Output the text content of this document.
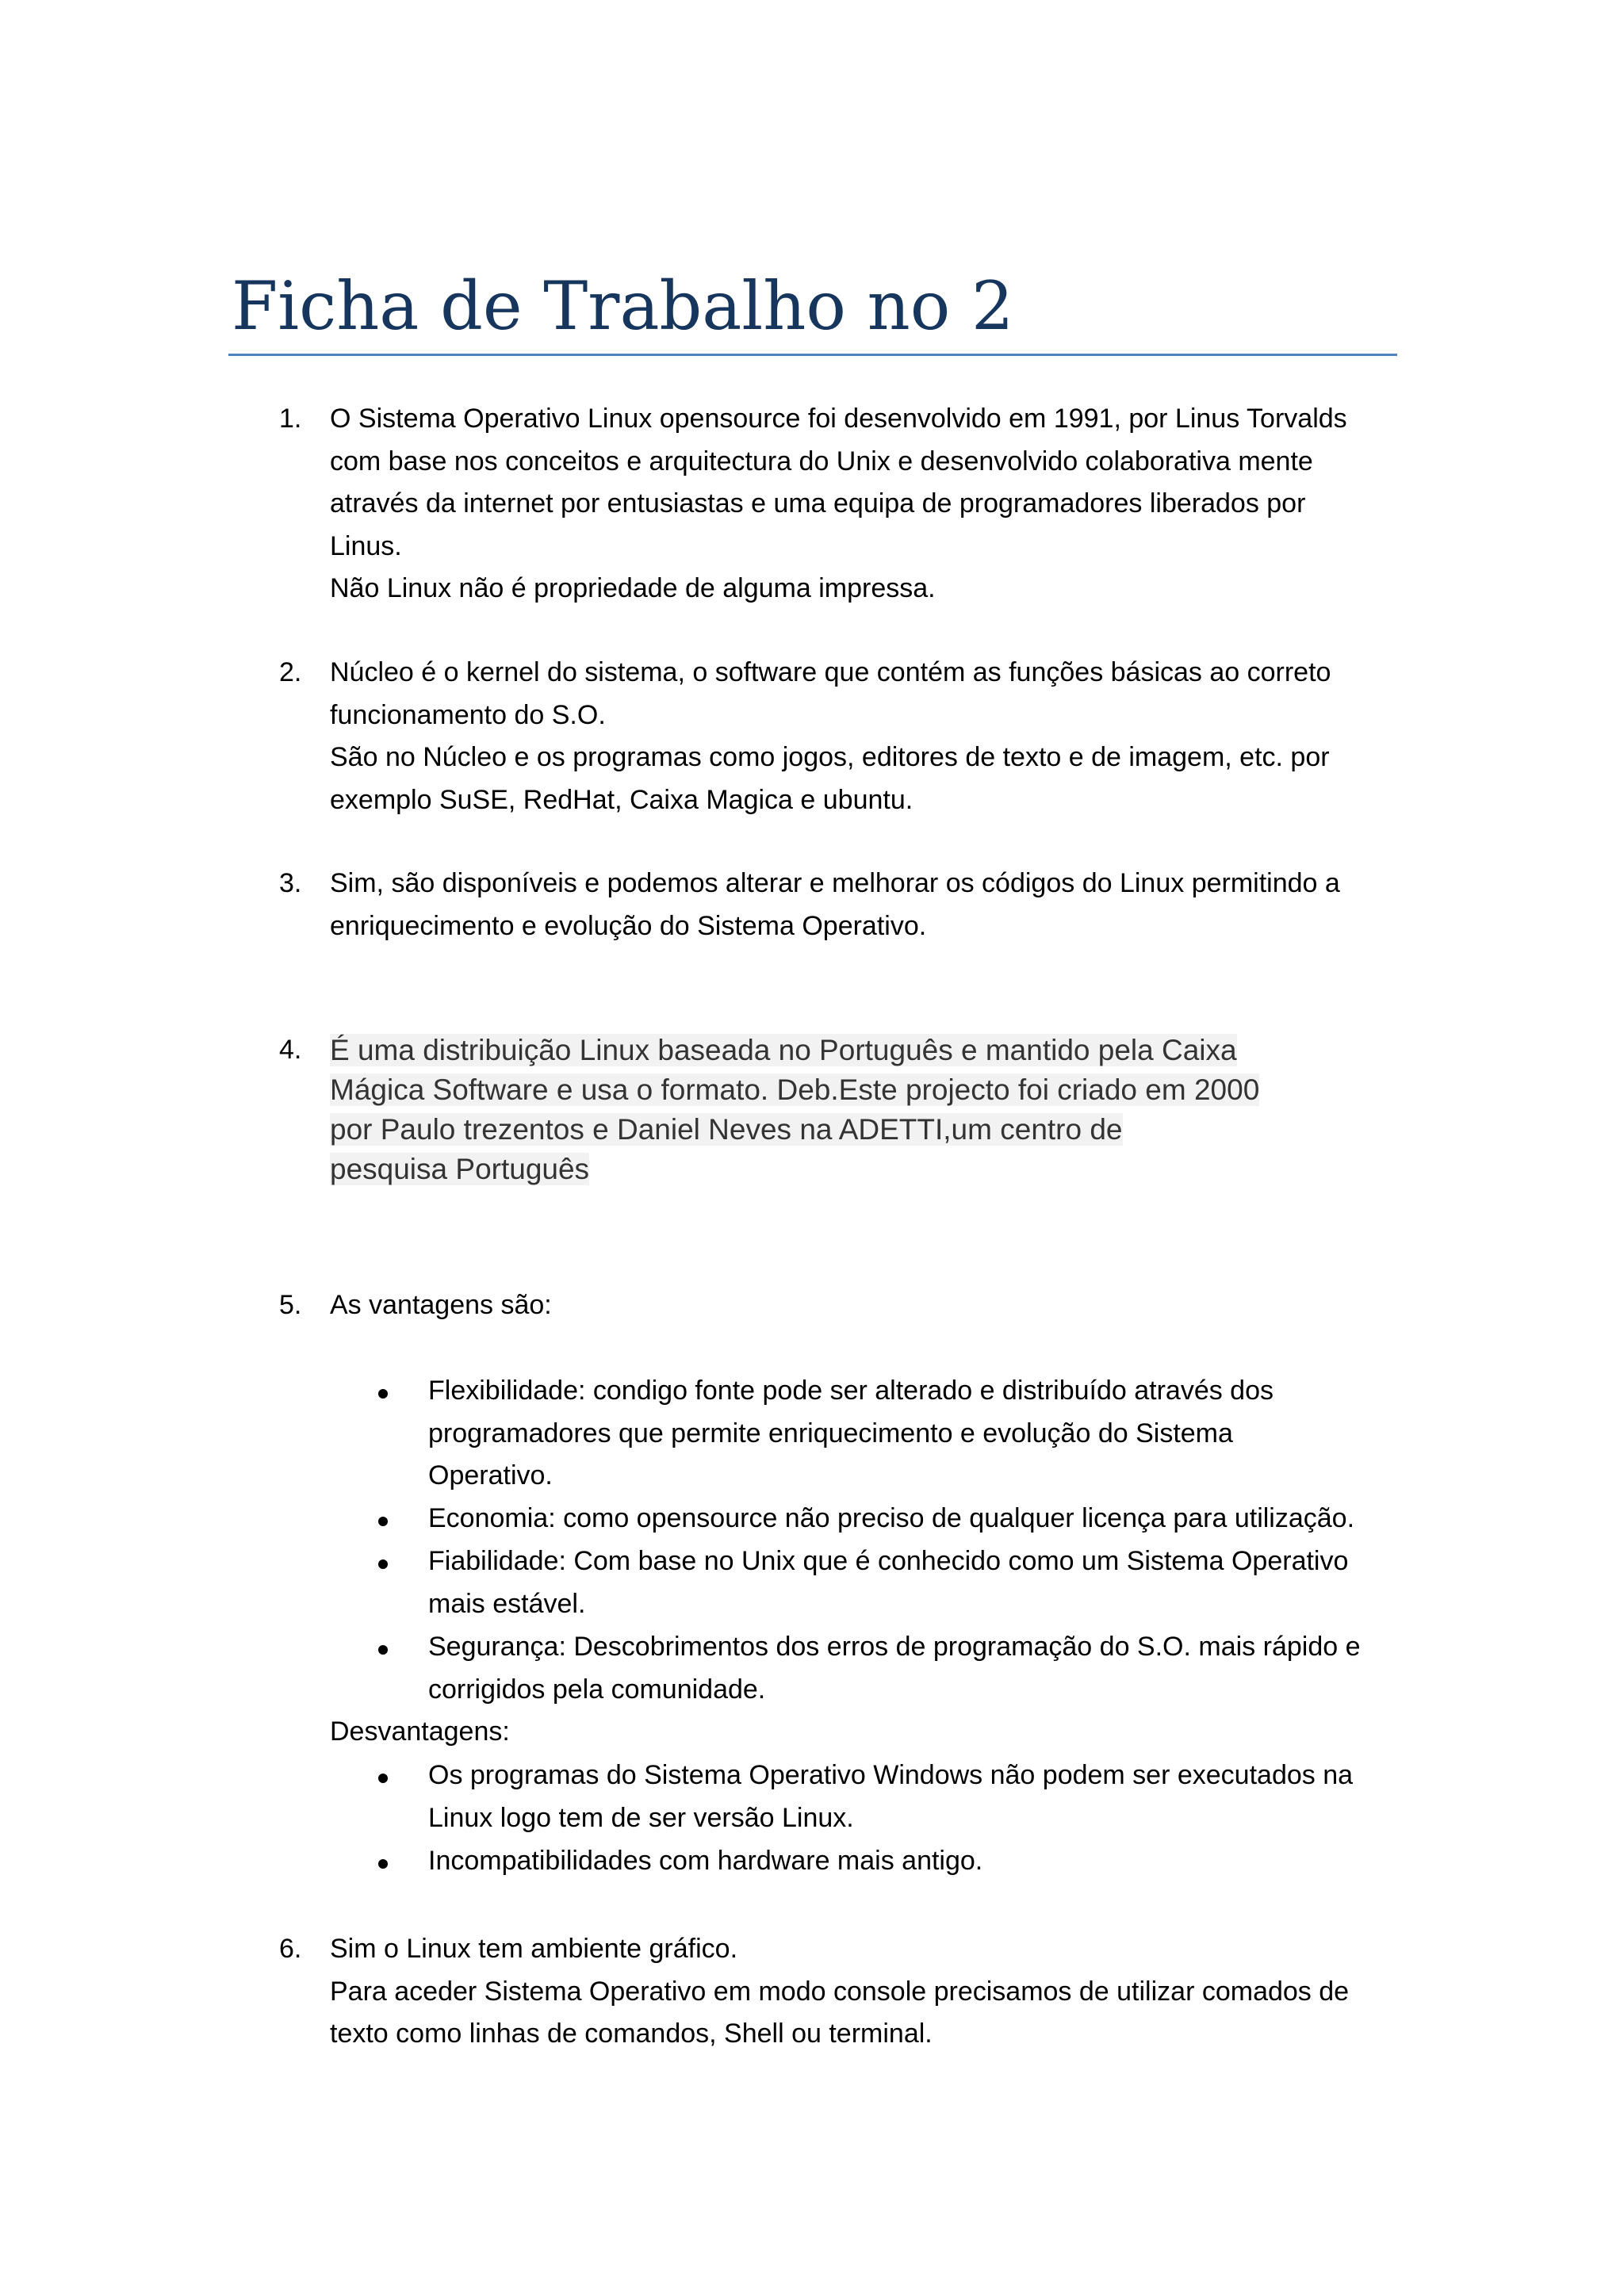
Ficha de Trabalho no 2
1. O Sistema Operativo Linux opensource foi desenvolvido em 1991, por Linus Torvalds
com base nos conceitos e arquitectura do Unix e desenvolvido colaborativa mente
através da internet por entusiastas e uma equipa de programadores liberados por
Linus.
Não Linux não é propriedade de alguma impressa.
2. Núcleo é o kernel do sistema, o software que contém as funções básicas ao correto
funcionamento do S.O.
São no Núcleo e os programas como jogos, editores de texto e de imagem, etc. por
exemplo SuSE, RedHat, Caixa Magica e ubuntu.
3. Sim, são disponíveis e podemos alterar e melhorar os códigos do Linux permitindo a
enriquecimento e evolução do Sistema Operativo.
4. É uma distribuição Linux baseada no Português e mantido pela Caixa
Mágica Software e usa o formato. Deb.Este projecto foi criado em 2000
por Paulo trezentos e Daniel Neves na ADETTI,um centro de
pesquisa Português
5. As vantagens são:
Flexibilidade: condigo fonte pode ser alterado e distribuído através dos
programadores que permite enriquecimento e evolução do Sistema
Operativo.
Economia: como opensource não preciso de qualquer licença para utilização.
Fiabilidade: Com base no Unix que é conhecido como um Sistema Operativo
mais estável.
Segurança: Descobrimentos dos erros de programação do S.O. mais rápido e
corrigidos pela comunidade.
Desvantagens:
Os programas do Sistema Operativo Windows não podem ser executados na
Linux logo tem de ser versão Linux.
Incompatibilidades com hardware mais antigo.
6. Sim o Linux tem ambiente gráfico.
Para aceder Sistema Operativo em modo console precisamos de utilizar comados de
texto como linhas de comandos, Shell ou terminal.
